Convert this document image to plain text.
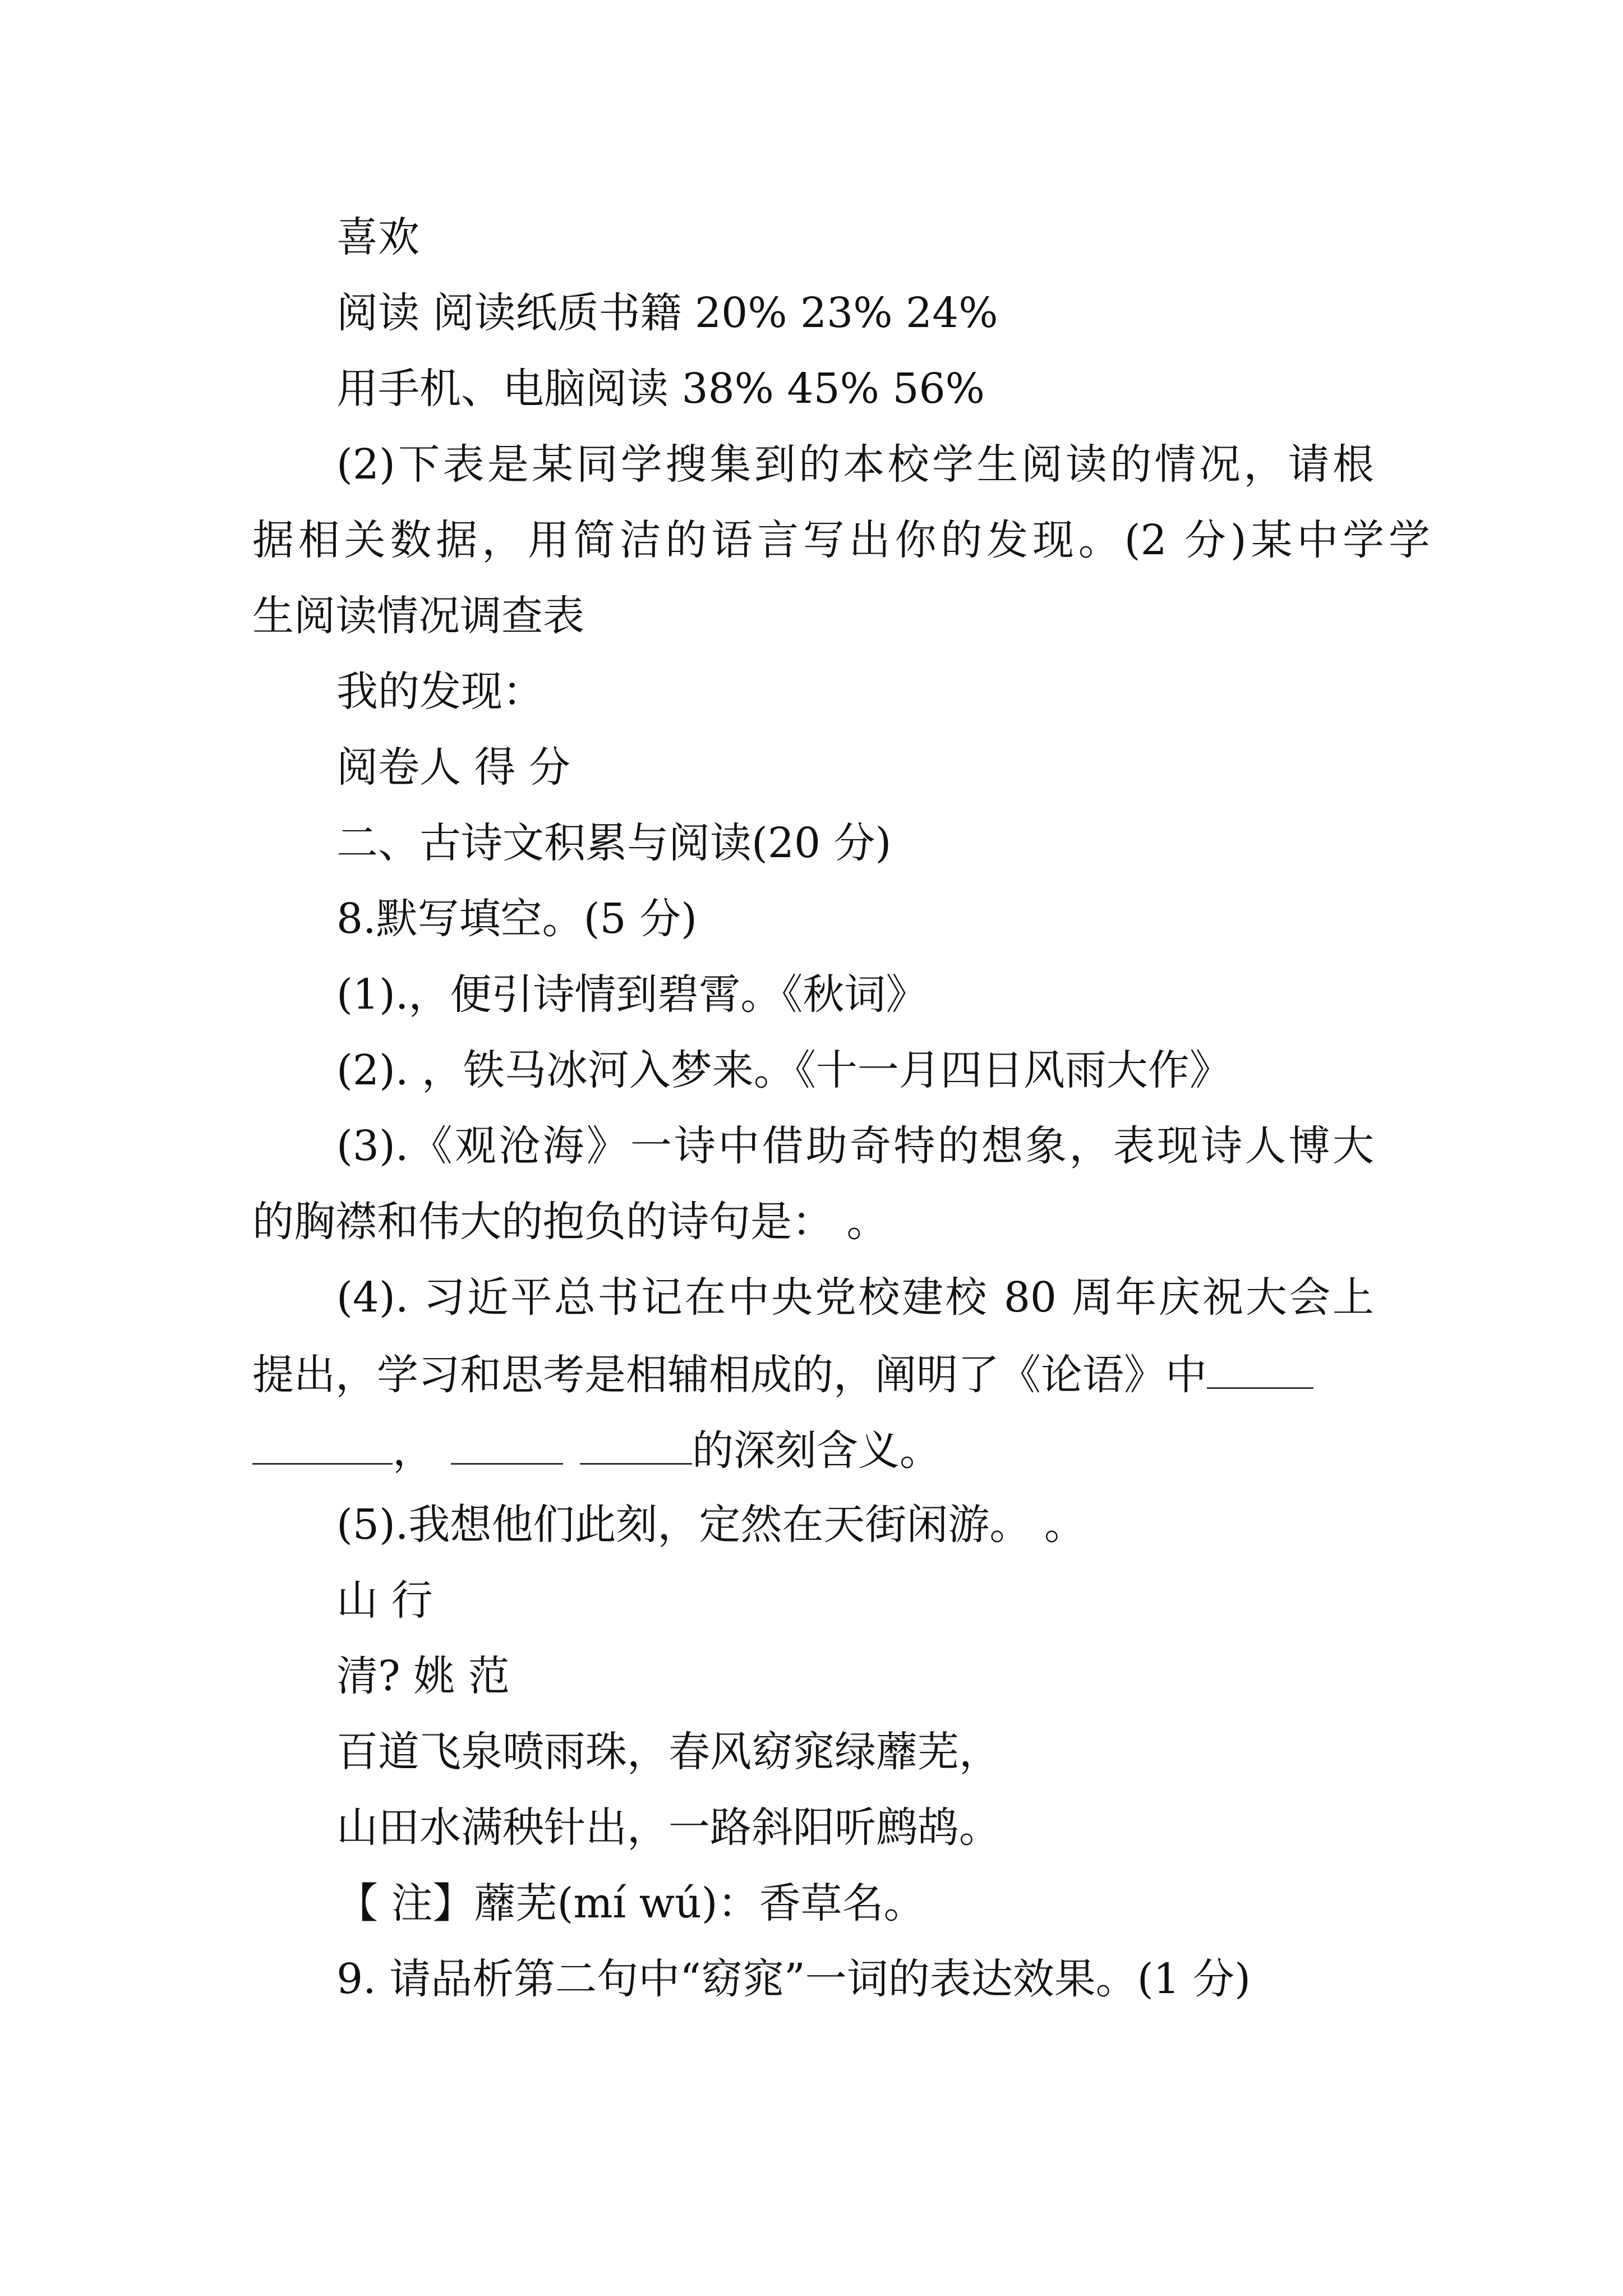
喜欢
阅读 阅读纸质书籍 20% 23% 24%
用手机、电脑阅读 38% 45% 56%
(2)下表是某同学搜集到的本校学生阅读的情况，请根
据相关数据，用简洁的语言写出你的发现。(2 分)某中学学
生阅读情况调查表
我的发现：
阅卷人 得 分
二、古诗文积累与阅读(20 分)
8.默写填空。(5 分)
(1).，便引诗情到碧霄。《秋词》
(2). ，铁马冰河入梦来。《十一月四日风雨大作》
(3).《观沧海》一诗中借助奇特的想象，表现诗人博大
的胸襟和伟大的抱负的诗句是： 。
(4). 习近平总书记在中央党校建校 80 周年庆祝大会上
提出，学习和思考是相辅相成的，阐明了《论语》中
，	的深刻含义。
(5).我想他们此刻，定然在天街闲游。 。
山 行
清? 姚 范
百道飞泉喷雨珠，春风窈窕绿蘼芜，
山田水满秧针出，一路斜阳听鹧鸪。
【 注】蘼芜(mí wú)：香草名。
9. 请品析第二句中“窈窕”一词的表达效果。(1 分)
